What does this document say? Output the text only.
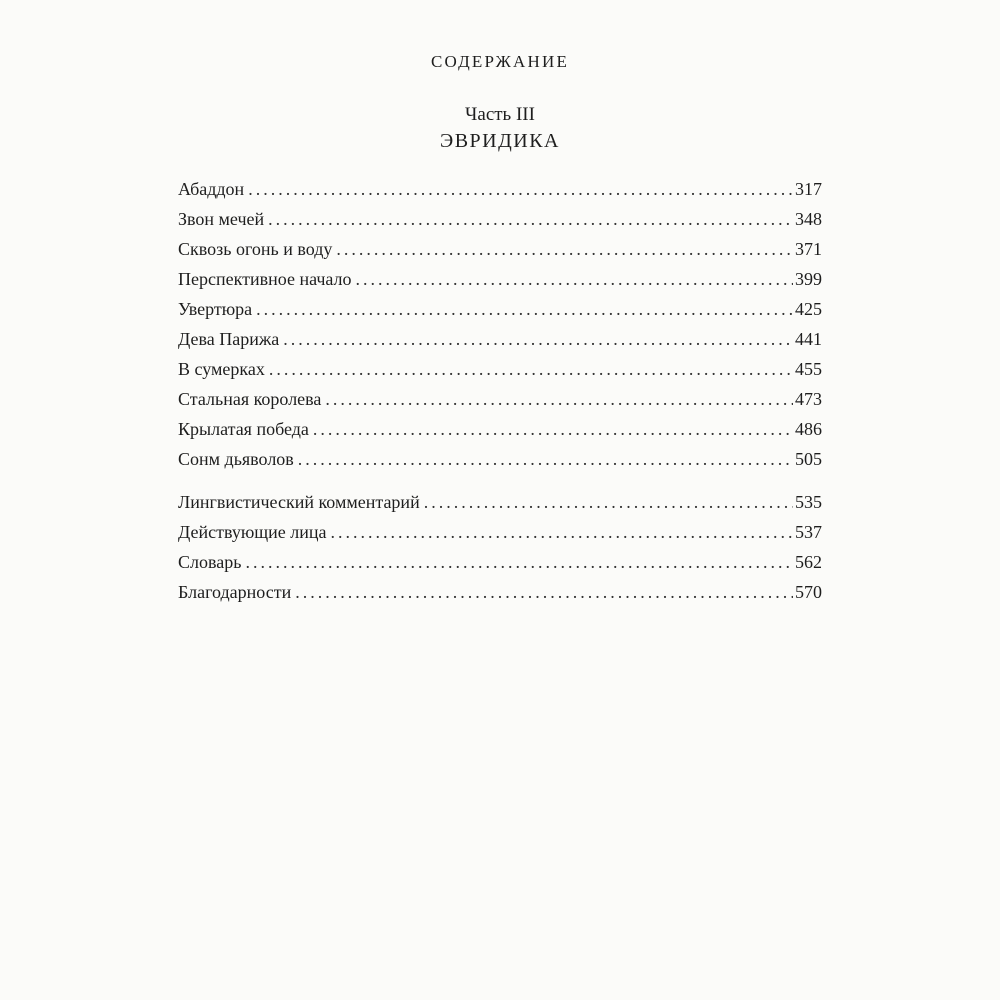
СОДЕРЖАНИЕ
Часть III
ЭВРИДИКА
Абаддон .....	317
Звон мечей .....	348
Сквозь огонь и воду .....	371
Перспективное начало .....	399
Увертюра .....	425
Дева Парижа .....	441
В сумерках .....	455
Стальная королева .....	473
Крылатая победа .....	486
Сонм дьяволов .....	505
Лингвистический комментарий .....	535
Действующие лица .....	537
Словарь .....	562
Благодарности .....	570
